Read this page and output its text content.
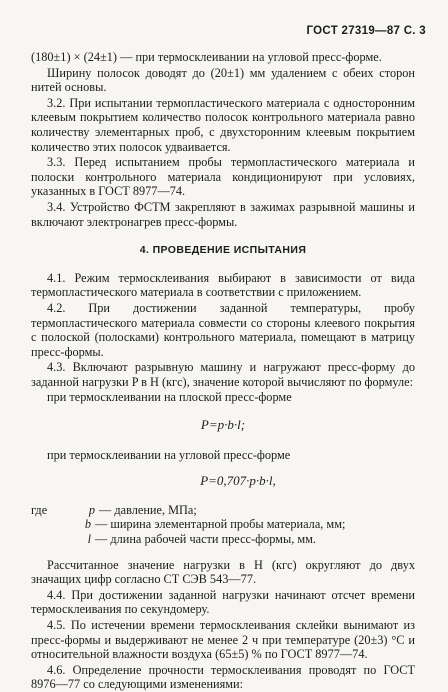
ГОСТ 27319—87 С. 3

(180±1) × (24±1) — при термосклеивании на угловой пресс-форме.

Ширину полосок доводят до (20±1) мм удалением с обеих сторон нитей основы.

3.2. При испытании термопластического материала с односторонним клеевым покрытием количество полосок контрольного материала равно количеству элементарных проб, с двухсторонним клеевым покрытием количество этих полосок удваивается.

3.3. Перед испытанием пробы термопластического материала и полоски контрольного материала кондиционируют при условиях, указанных в ГОСТ 8977—74.

3.4. Устройство ФСТМ закрепляют в зажимах разрывной машины и включают электронагрев пресс-формы.

4. ПРОВЕДЕНИЕ ИСПЫТАНИЯ

4.1. Режим термосклеивания выбирают в зависимости от вида термопластического материала в соответствии с приложением.

4.2. При достижении заданной температуры, пробу термопластического материала совмести со стороны клеевого покрытия с полоской (полосками) контрольного материала, помещают в матрицу пресс-формы.

4.3. Включают разрывную машину и нагружают пресс-форму до заданной нагрузки P в Н (кгс), значение которой вычисляют по формуле:

при термосклеивании на плоской пресс-форме

P=p·b·l;

при термосклеивании на угловой пресс-форме

P=0,707·p·b·l,
где	p — давление, МПа;
b — ширина элементарной пробы материала, мм;
l — длина рабочей части пресс-формы, мм.

Рассчитанное значение нагрузки в Н (кгс) округляют до двух значащих цифр согласно СТ СЭВ 543—77.

4.4. При достижении заданной нагрузки начинают отсчет времени термосклеивания по секундомеру.

4.5. По истечении времени термосклеивания склейки вынимают из пресс-формы и выдерживают не менее 2 ч при температуре (20±3) °С и относительной влажности воздуха (65±5) % по ГОСТ 8977—74.

4.6. Определение прочности термосклеивания проводят по ГОСТ 8976—77 со следующими изменениями:
